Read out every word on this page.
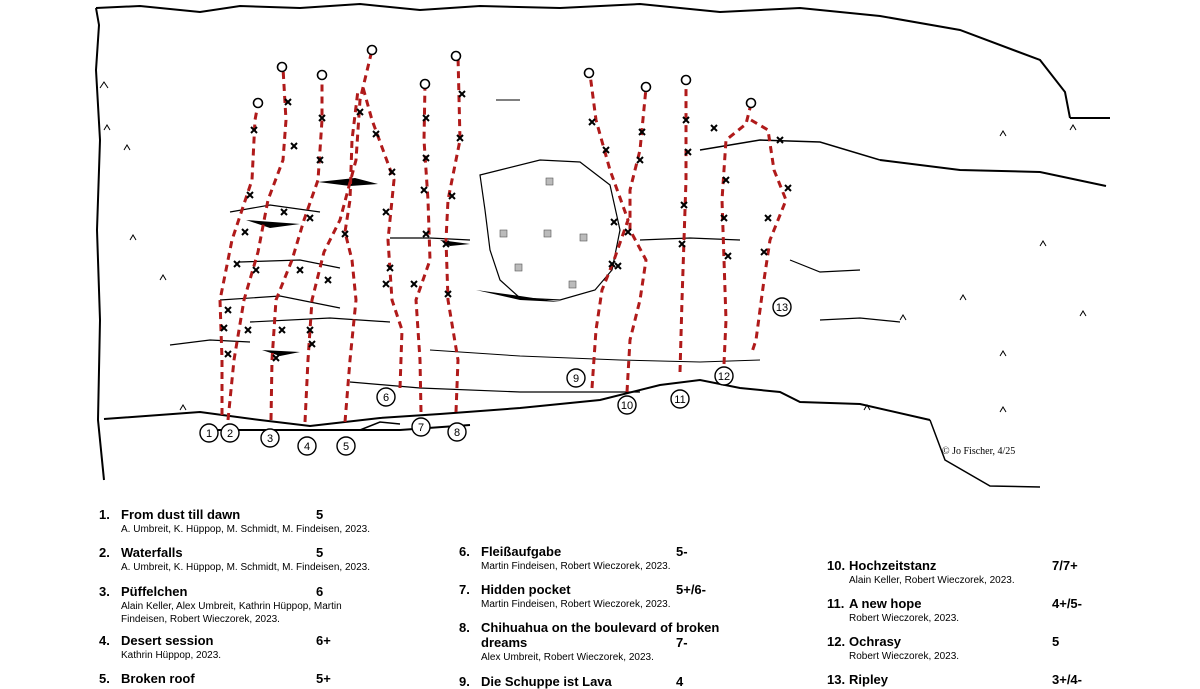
1 2	3
4	5
6
7	8
9
10	11
12
13
© Jo Fischer, 4/25
1. From dust till dawn	5
A. Umbreit, K. Hüppop, M. Schmidt, M. Findeisen, 2023.
2. Waterfalls	5
A. Umbreit, K. Hüppop, M. Schmidt, M. Findeisen, 2023.
3. Püffelchen	6
Alain Keller, Alex Umbreit, Kathrin Hüppop, Martin
Findeisen, Robert Wieczorek, 2023.
4. Desert session	6+
Kathrin Hüppop, 2023.
5. Broken roof	5+
6. Fleißaufgabe	5-
Martin Findeisen, Robert Wieczorek, 2023.
7. Hidden pocket	5+/6-
Martin Findeisen, Robert Wieczorek, 2023.
8. Chihuahua on the boulevard of broken
dreams	7-
Alex Umbreit, Robert Wieczorek, 2023.
9. Die Schuppe ist Lava	4
10. Hochzeitstanz	7/7+
Alain Keller, Robert Wieczorek, 2023.
11. A new hope	4+/5-
Robert Wieczorek, 2023.
12. Ochrasy	5
Robert Wieczorek, 2023.
13. Ripley	3+/4-
